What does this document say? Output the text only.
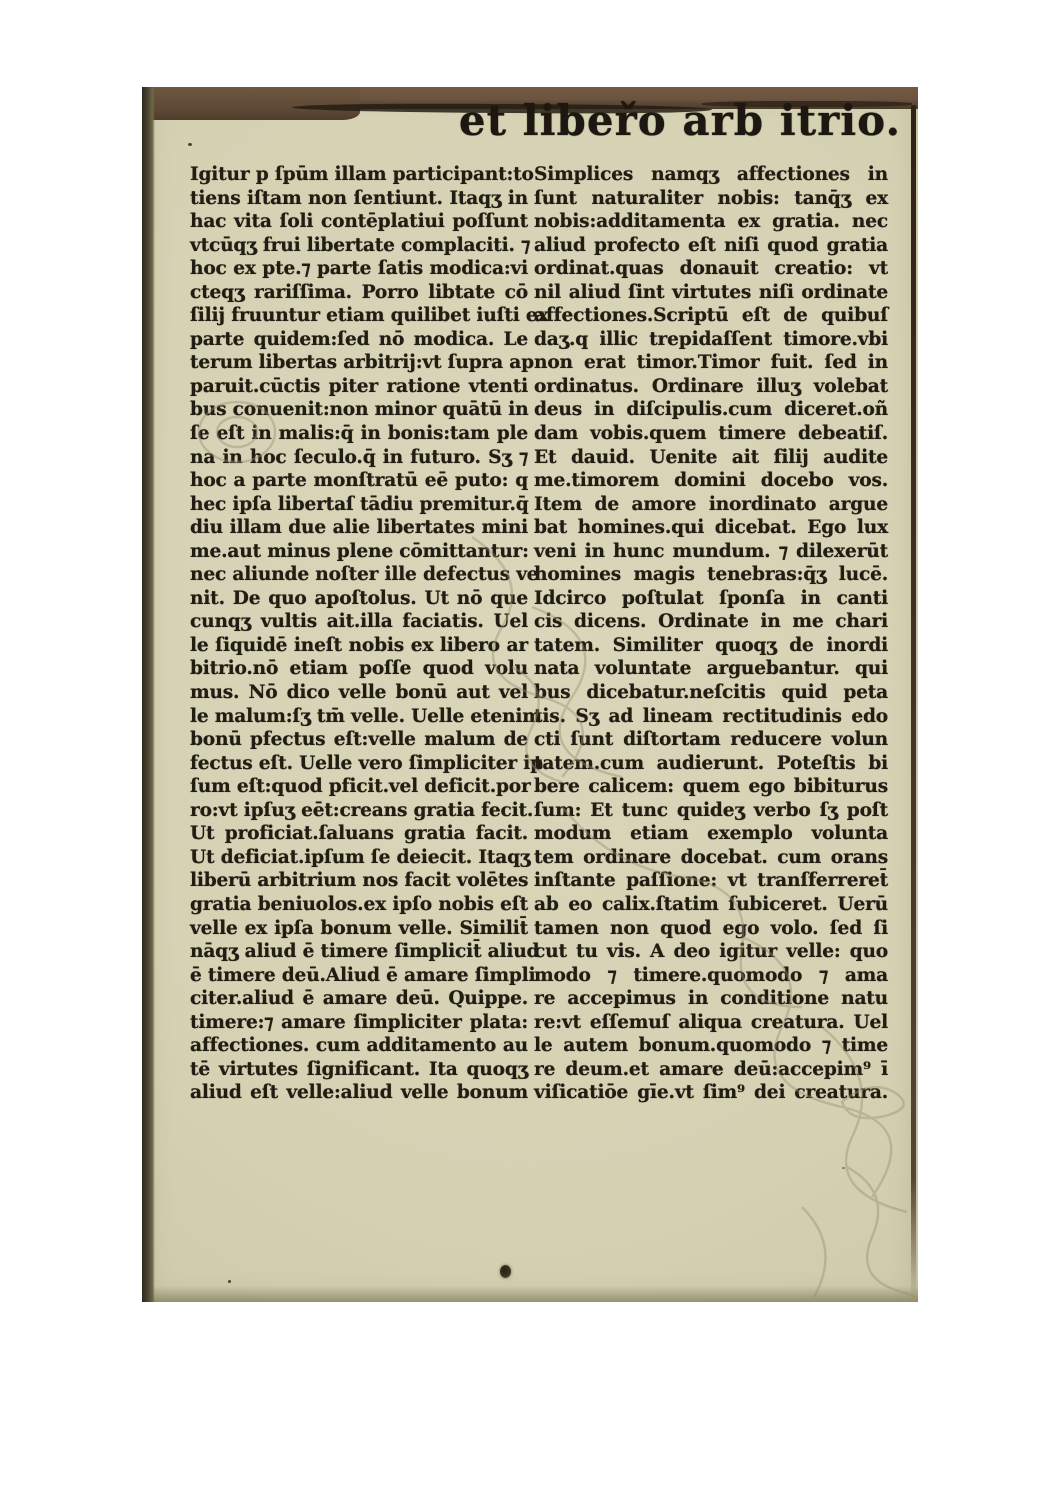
et libeřo arb itrio.
Igitur p ſpūm illam participant:to
tiens iſtam non ſentiunt. Itaqʒ in
hac vita ſoli contēplatiui poſſunt
vtcūqʒ frui libertate complaciti. ⁊
hoc ex pte.⁊ parte ſatis modica:vi
cteqʒ rariſſima. Porro libtate cō
ſilij fruuntur etiam quilibet iuſti ex
parte quidem:ſed nō modica. Le
terum libertas arbitrij:vt ſupra ap
paruit.cūctis piter ratione vtenti
bus conuenit:non minor quātū in
ſe eſt in malis:q̄ in bonis:tam ple
na in hoc ſeculo.q̄ in futuro. Sʒ ⁊
hoc a parte monſtratū eē puto: q
hec ipſa libertaſ tādiu premitur.q̄
diu illam due alie libertates mini
me.aut minus plene cōmittantur:
nec aliunde noſter ille defectus ve
nit. De quo apoſtolus. Ut nō que
cunqʒ vultis ait.illa faciatis. Uel
le ſiquidē ineſt nobis ex libero ar
bitrio.nō etiam poſſe quod volu
mus. Nō dico velle bonū aut vel
le malum:ſʒ tm̄ velle. Uelle etenim
bonū pfectus eſt:velle malum de
fectus eſt. Uelle vero ſimpliciter ip
ſum eſt:quod pficit.vel deficit.por
ro:vt ipſuʒ eēt:creans gratia fecit.
Ut proficiat.ſaluans gratia facit.
Ut deficiat.ipſum ſe deiecit. Itaqʒ
liberū arbitrium nos facit volētes
gratia beniuolos.ex ipſo nobis eſt
velle ex ipſa bonum velle. Similit̄
nāqʒ aliud ē timere ſimplicit̄ aliud
ē timere deū.Aliud ē amare ſimpli
citer.aliud ē amare deū. Quippe.
timere:⁊ amare ſimpliciter plata:
affectiones. cum additamento au
tē virtutes ſignificant. Ita quoqʒ
aliud eſt velle:aliud velle bonum
Simplices namqʒ affectiones in
ſunt naturaliter nobis: tanq̄ʒ ex
nobis:additamenta ex gratia. nec
aliud profecto eſt niſi quod gratia
ordinat.quas donauit creatio: vt
nil aliud ſint virtutes niſi ordinate
affectiones.Scriptū eſt de quibuſ
daʒ.q illic trepidaſſent timore.vbi
non erat timor.Timor fuit. ſed in
ordinatus. Ordinare illuʒ volebat
deus in diſcipulis.cum diceret.oñ
dam vobis.quem timere debeatiſ.
Et dauid. Uenite ait filij audite
me.timorem domini docebo vos.
Item de amore inordinato argue
bat homines.qui dicebat. Ego lux
veni in hunc mundum. ⁊ dilexerūt
homines magis tenebras:q̄ʒ lucē.
Idcirco poſtulat ſponſa in canti
cis dicens. Ordinate in me chari
tatem. Similiter quoqʒ de inordi
nata voluntate arguebantur. qui
bus dicebatur.neſcitis quid peta
tis. Sʒ ad lineam rectitudinis edo
cti ſunt diſtortam reducere volun
tatem.cum audierunt. Poteſtis bi
bere calicem: quem ego bibiturus
ſum: Et tunc quideʒ verbo ſʒ poſt
modum etiam exemplo volunta
tem ordinare docebat. cum orans
inſtante paſſione: vt tranſferreret̄
ab eo calix.ſtatim ſubiceret. Uerū
tamen non quod ego volo. ſed ſi
cut tu vis. A deo igitur velle: quo
modo ⁊ timere.quomodo ⁊ ama
re accepimus in conditione natu
re:vt eſſemuſ aliqua creatura. Uel
le autem bonum.quomodo ⁊ time
re deum.et amare deū:accepim⁹ ī
viſicatiōe gīe.vt ſim⁹ dei creatura.
